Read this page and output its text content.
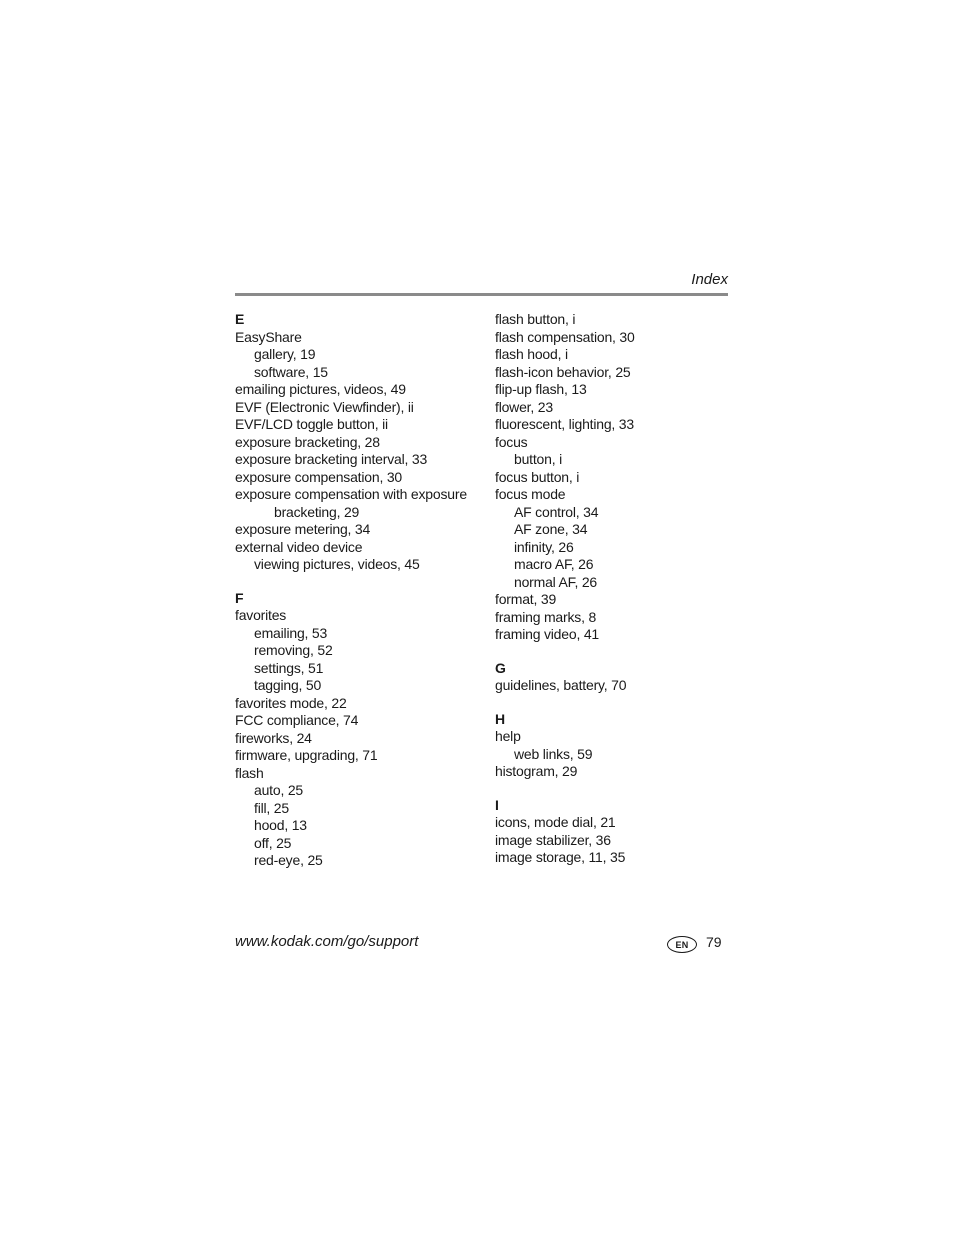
Index
E
EasyShare
gallery, 19
software, 15
emailing pictures, videos, 49
EVF (Electronic Viewfinder), ii
EVF/LCD toggle button, ii
exposure bracketing, 28
exposure bracketing interval, 33
exposure compensation, 30
exposure compensation with exposure
bracketing, 29
exposure metering, 34
external video device
viewing pictures, videos, 45
F
favorites
emailing, 53
removing, 52
settings, 51
tagging, 50
favorites mode, 22
FCC compliance, 74
fireworks, 24
firmware, upgrading, 71
flash
auto, 25
fill, 25
hood, 13
off, 25
red-eye, 25
flash button, i
flash compensation, 30
flash hood, i
flash-icon behavior, 25
flip-up flash, 13
flower, 23
fluorescent, lighting, 33
focus
button, i
focus button, i
focus mode
AF control, 34
AF zone, 34
infinity, 26
macro AF, 26
normal AF, 26
format, 39
framing marks, 8
framing video, 41
G
guidelines, battery, 70
H
help
web links, 59
histogram, 29
I
icons, mode dial, 21
image stabilizer, 36
image storage, 11, 35
www.kodak.com/go/support	EN	79
